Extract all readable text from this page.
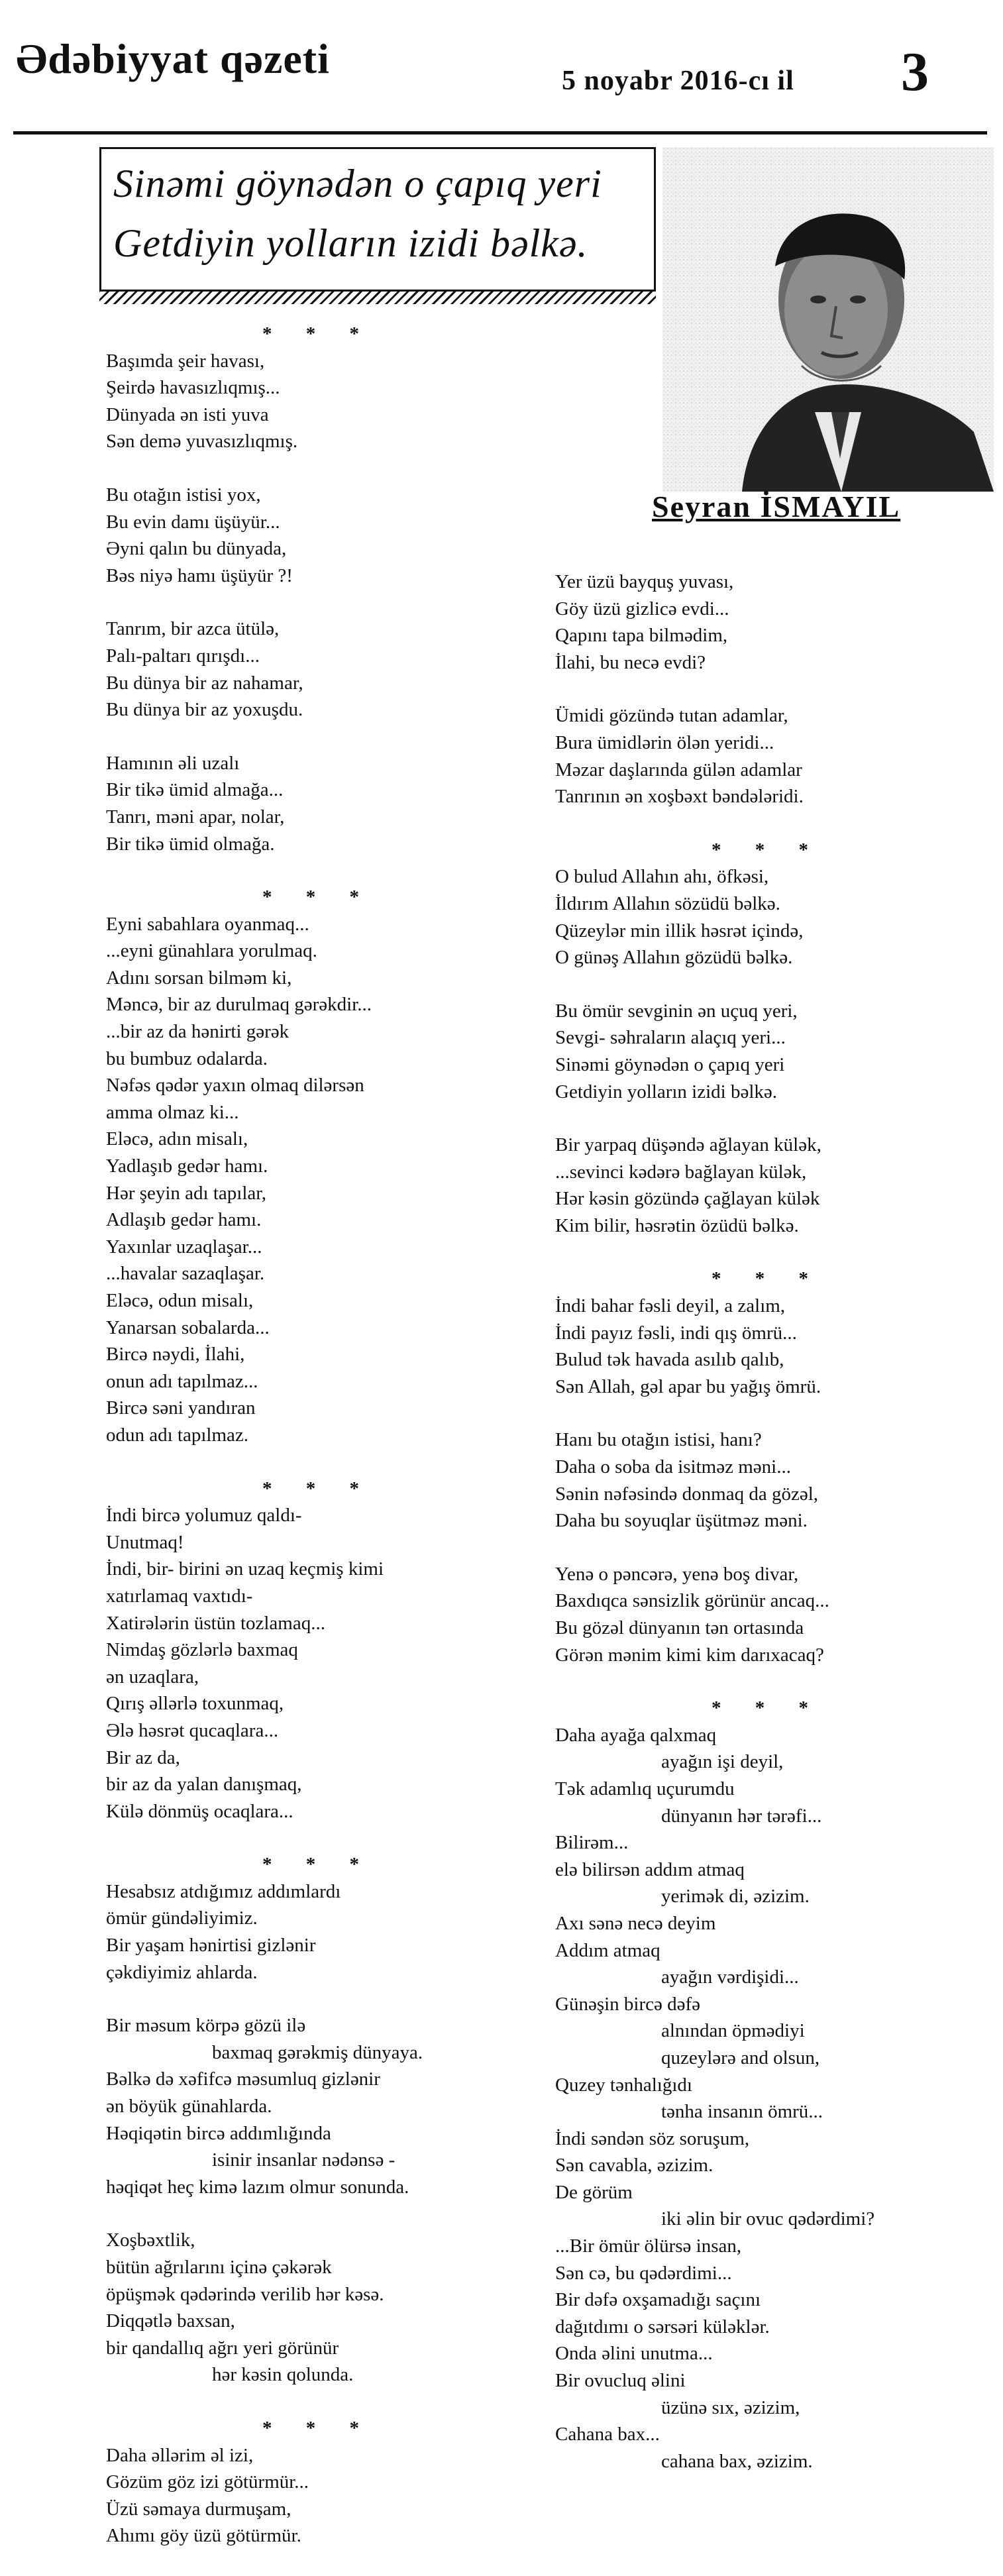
Ədəbiyyat qəzeti	5 noyabr 2016-cı il 3
Sinəmi göynədən o çapıq yeri
Getdiyin yolların izidi bəlkə.
Seyran İSMAYIL
* * *
Başımda şeir havası,
Şeirdə havasızlıqmış...
Dünyada ən isti yuva
Sən demə yuvasızlıqmış.
Bu otağın istisi yox,
Bu evin damı üşüyür...
Əyni qalın bu dünyada,
Bəs niyə hamı üşüyür ?!
Tanrım, bir azca ütülə,
Palı-paltarı qırışdı...
Bu dünya bir az nahamar,
Bu dünya bir az yoxuşdu.
Hamının əli uzalı
Bir tikə ümid almağa...
Tanrı, məni apar, nolar,
Bir tikə ümid olmağa.
* * *
Eyni sabahlara oyanmaq...
...eyni günahlara yorulmaq.
Adını sorsan bilməm ki,
Məncə, bir az durulmaq gərəkdir...
...bir az da hənirti gərək
bu bumbuz odalarda.
Nəfəs qədər yaxın olmaq dilərsən
amma olmaz ki...
Eləcə, adın misalı,
Yadlaşıb gedər hamı.
Hər şeyin adı tapılar,
Adlaşıb gedər hamı.
Yaxınlar uzaqlaşar...
...havalar sazaqlaşar.
Eləcə, odun misalı,
Yanarsan sobalarda...
Bircə nəydi, İlahi,
onun adı tapılmaz...
Bircə səni yandıran
odun adı tapılmaz.
* * *
İndi bircə yolumuz qaldı-
Unutmaq!
İndi, bir- birini ən uzaq keçmiş kimi
xatırlamaq vaxtıdı-
Xatirələrin üstün tozlamaq...
Nimdaş gözlərlə baxmaq
ən uzaqlara,
Qırış əllərlə toxunmaq,
Ələ həsrət qucaqlara...
Bir az da,
bir az da yalan danışmaq,
Külə dönmüş ocaqlara...
* * *
Hesabsız atdığımız addımlardı
ömür gündəliyimiz.
Bir yaşam hənirtisi gizlənir
çəkdiyimiz ahlarda.
Bir məsum körpə gözü ilə
baxmaq gərəkmiş dünyaya.
Bəlkə də xəfifcə məsumluq gizlənir
ən böyük günahlarda.
Həqiqətin bircə addımlığında
isinir insanlar nədənsə -
həqiqət heç kimə lazım olmur sonunda.
Xoşbəxtlik,
bütün ağrılarını içinə çəkərək
öpüşmək qədərində verilib hər kəsə.
Diqqətlə baxsan,
bir qandallıq ağrı yeri görünür
hər kəsin qolunda.
* * *
Daha əllərim əl izi,
Gözüm göz izi götürmür...
Üzü səmaya durmuşam,
Ahımı göy üzü götürmür.
Yer üzü bayquş yuvası,
Göy üzü gizlicə evdi...
Qapını tapa bilmədim,
İlahi, bu necə evdi?
Ümidi gözündə tutan adamlar,
Bura ümidlərin ölən yeridi...
Məzar daşlarında gülən adamlar
Tanrının ən xoşbəxt bəndələridi.
* * *
O bulud Allahın ahı, öfkəsi,
İldırım Allahın sözüdü bəlkə.
Qüzeylər min illik həsrət içində,
O günəş Allahın gözüdü bəlkə.
Bu ömür sevginin ən uçuq yeri,
Sevgi- səhraların alaçıq yeri...
Sinəmi göynədən o çapıq yeri
Getdiyin yolların izidi bəlkə.
Bir yarpaq düşəndə ağlayan külək,
...sevinci kədərə bağlayan külək,
Hər kəsin gözündə çağlayan külək
Kim bilir, həsrətin özüdü bəlkə.
* * *
İndi bahar fəsli deyil, a zalım,
İndi payız fəsli, indi qış ömrü...
Bulud tək havada asılıb qalıb,
Sən Allah, gəl apar bu yağış ömrü.
Hanı bu otağın istisi, hanı?
Daha o soba da isitməz məni...
Sənin nəfəsində donmaq da gözəl,
Daha bu soyuqlar üşütməz məni.
Yenə o pəncərə, yenə boş divar,
Baxdıqca sənsizlik görünür ancaq...
Bu gözəl dünyanın tən ortasında
Görən mənim kimi kim darıxacaq?
* * *
Daha ayağa qalxmaq
ayağın işi deyil,
Tək adamlıq uçurumdu
dünyanın hər tərəfi...
Bilirəm...
elə bilirsən addım atmaq
yerimək di, əzizim.
Axı sənə necə deyim
Addım atmaq
ayağın vərdişidi...
Günəşin bircə dəfə
alnından öpmədiyi
quzeylərə and olsun,
Quzey tənhalığıdı
tənha insanın ömrü...
İndi səndən söz soruşum,
Sən cavabla, əzizim.
De görüm
iki əlin bir ovuc qədərdimi?
...Bir ömür ölürsə insan,
Sən cə, bu qədərdimi...
Bir dəfə oxşamadığı saçını
dağıtdımı o sərsəri küləklər.
Onda əlini unutma...
Bir ovucluq əlini
üzünə sıx, əzizim,
Cahana bax...
cahana bax, əzizim.
